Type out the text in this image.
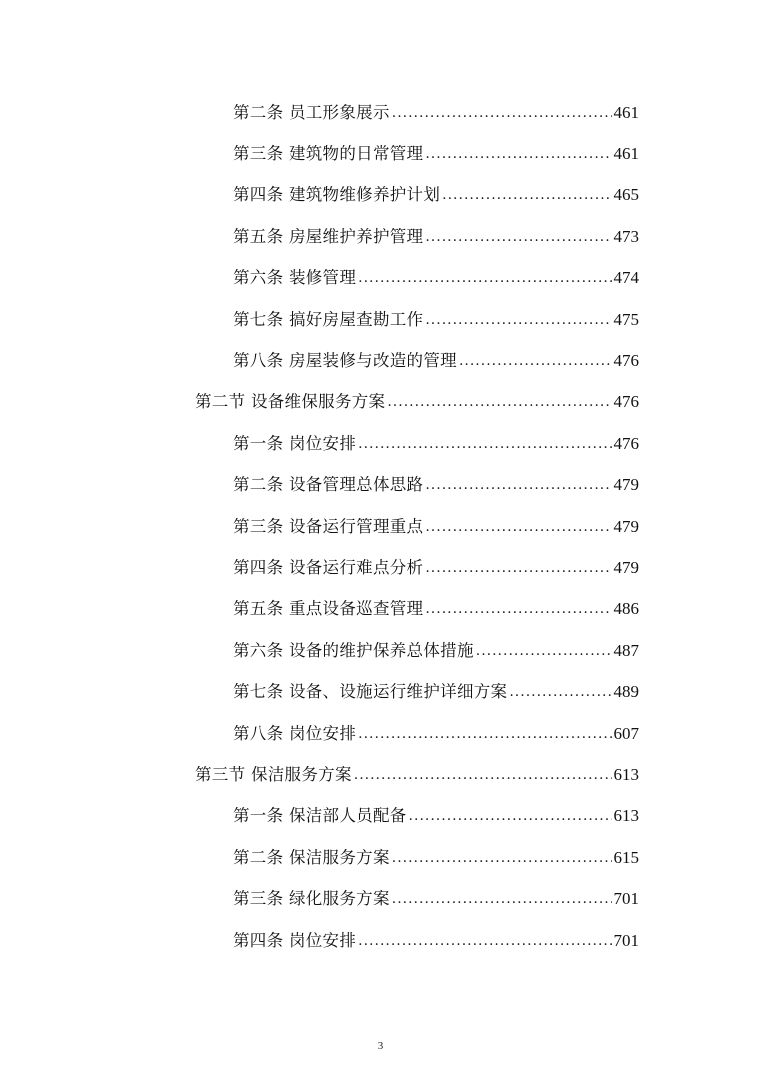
第二条 员工形象展示 .....	461
第三条 建筑物的日常管理 .....	461
第四条 建筑物维修养护计划 .....	465
第五条 房屋维护养护管理 .....	473
第六条 装修管理 .....	474
第七条 搞好房屋查勘工作 .....	475
第八条 房屋装修与改造的管理 .....	476
第二节 设备维保服务方案 .....	476
第一条 岗位安排 .....	476
第二条 设备管理总体思路 .....	479
第三条 设备运行管理重点 .....	479
第四条 设备运行难点分析 .....	479
第五条 重点设备巡查管理 .....	486
第六条 设备的维护保养总体措施 .....	487
第七条 设备、设施运行维护详细方案 .....	489
第八条 岗位安排 .....	607
第三节 保洁服务方案 .....	613
第一条 保洁部人员配备 .....	613
第二条 保洁服务方案 .....	615
第三条 绿化服务方案 .....	701
第四条 岗位安排 .....	701
3
